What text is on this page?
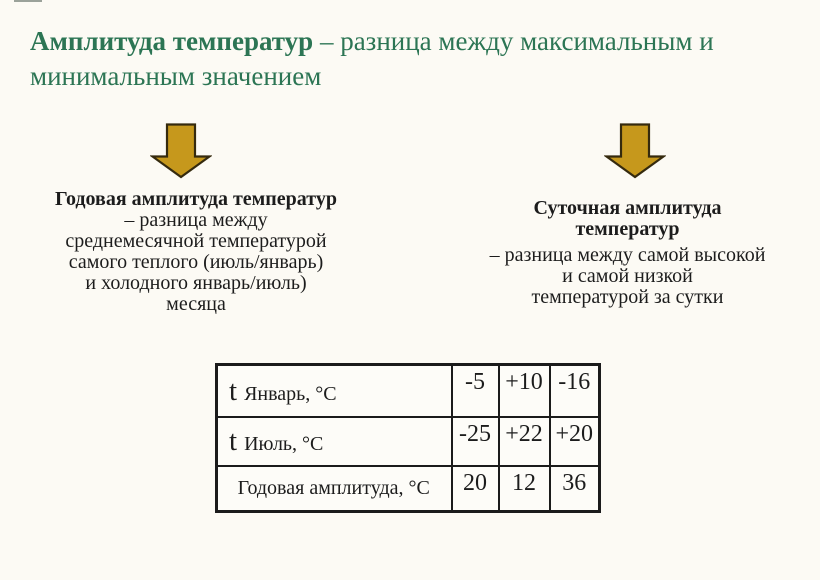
Амплитуда температур – разница между максимальным и
минимальным значением
Годовая амплитуда температур
– разница между
среднемесячной температурой
самого теплого (июль/январь)
и холодного январь/июль)
месяца
Суточная амплитуда
температур
– разница между самой высокой
и самой низкой
температурой за сутки
t Январь, °С	-5	+10	-16
t Июль, °С	-25	+22	+20
Годовая амплитуда, °С	20	12	36
